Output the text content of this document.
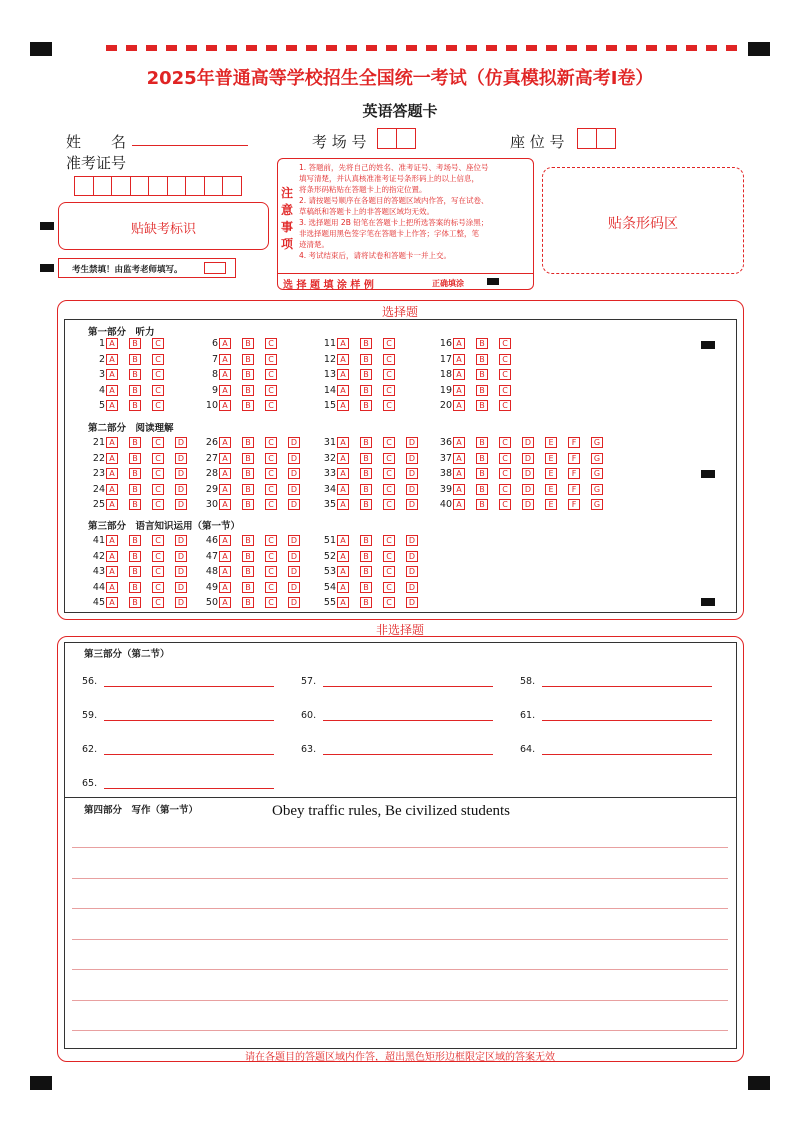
2025年普通高等学校招生全国统一考试（仿真模拟新高考Ⅰ卷）
英语答题卡
姓　　名	考 场 号	座 位 号
准考证号
贴缺考标识
考生禁填！由监考老师填写。
注
意
事
项
1. 答题前，先将自己的姓名、准考证号、考场号、座位号
填写清楚，并认真核准准考证号条形码上的以上信息，
将条形码粘贴在答题卡上的指定位置。
2. 请按题号顺序在各题目的答题区域内作答，写在试卷、
草稿纸和答题卡上的非答题区域均无效。
3. 选择题用 2B 铅笔在答题卡上把所选答案的标号涂黑；
非选择题用黑色签字笔在答题卡上作答；字体工整，笔
迹清楚。
4. 考试结束后，请将试卷和答题卡一并上交。
选 择 题 填 涂 样 例	正确填涂
贴条形码区
选择题
第一部分　听力
1 A B C
2 A B C
3 A B C
4 A B C
5 A B C
6 A B C
7 A B C
8 A B C
9 A B C
10 A B C
11 A B C
12 A B C
13 A B C
14 A B C
15 A B C
16 A B C
17 A B C
18 A B C
19 A B C
20 A B C
第二部分　阅读理解
21 A B C D
22 A B C D
23 A B C D
24 A B C D
25 A B C D
26 A B C D
27 A B C D
28 A B C D
29 A B C D
30 A B C D
31 A B C D
32 A B C D
33 A B C D
34 A B C D
35 A B C D
36 A B C D E F G
37 A B C D E F G
38 A B C D E F G
39 A B C D E F G
40 A B C D E F G
第三部分　语言知识运用（第一节）
41 A B C D
42 A B C D
43 A B C D
44 A B C D
45 A B C D
46 A B C D
47 A B C D
48 A B C D
49 A B C D
50 A B C D
51 A B C D
52 A B C D
53 A B C D
54 A B C D
55 A B C D
非选择题
第三部分（第二节）
56.	57.	58.
59.	60.	61.
62.	63.	64.
65.
第四部分　写作（第一节）	Obey traffic rules, Be civilized students
请在各题目的答题区域内作答，超出黑色矩形边框限定区域的答案无效
